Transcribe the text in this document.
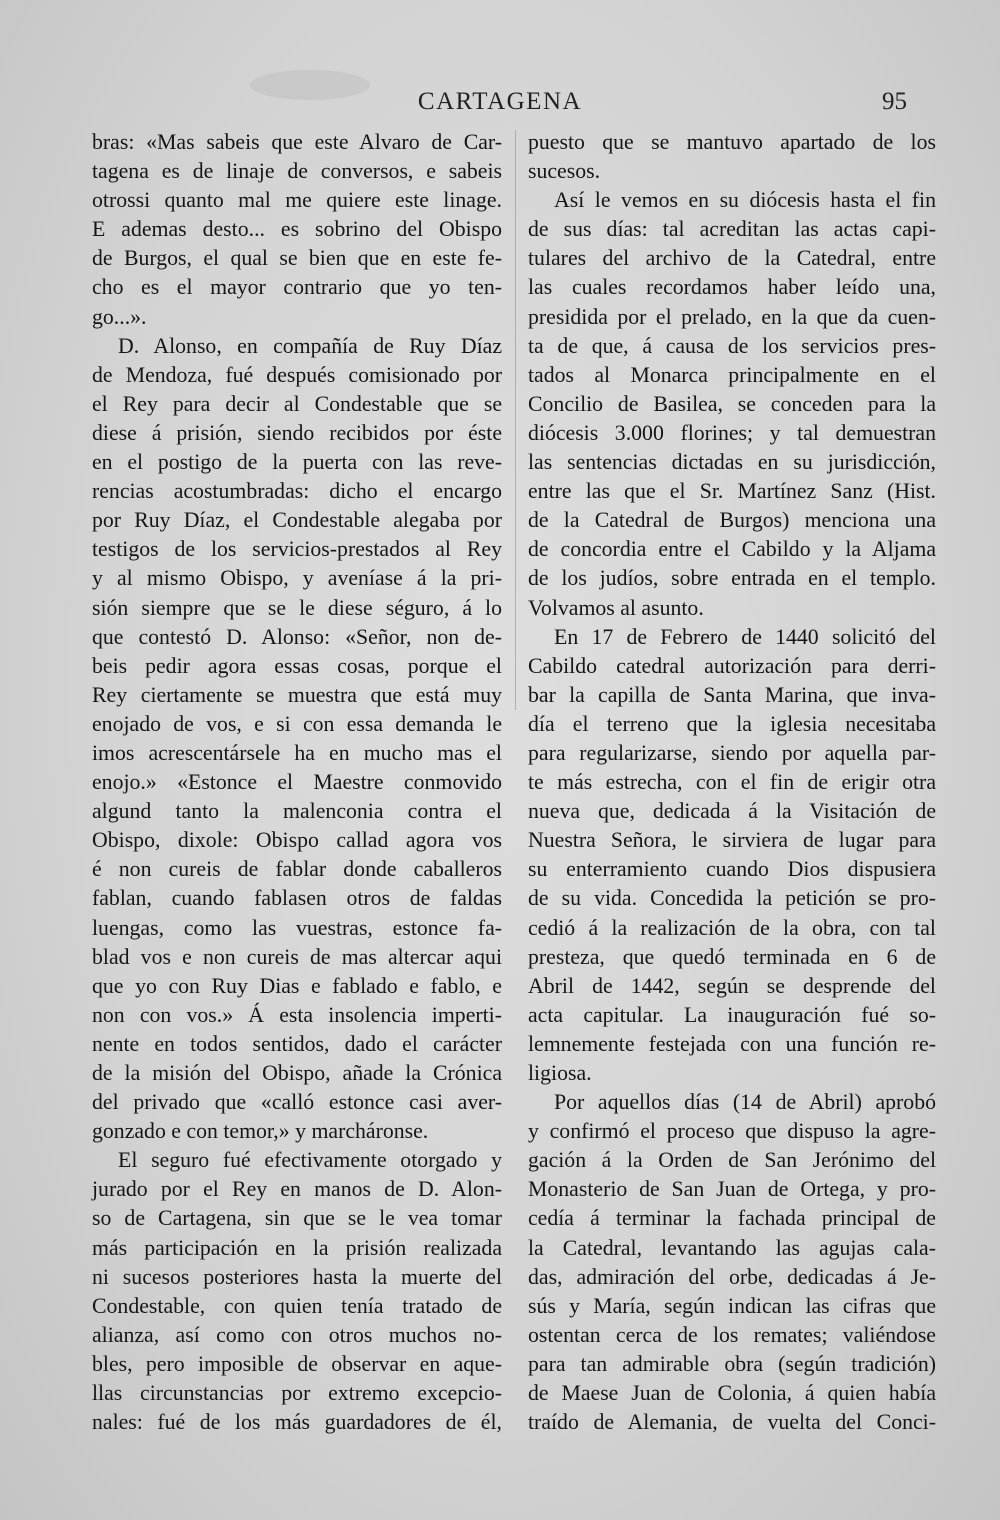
CARTAGENA	95
bras: «Mas sabeis que este Alvaro de Car-
tagena es de linaje de conversos, e sabeis
otrossi quanto mal me quiere este linage.
E ademas desto... es sobrino del Obispo
de Burgos, el qual se bien que en este fe-
cho es el mayor contrario que yo ten-
go...».
D. Alonso, en compañía de Ruy Díaz
de Mendoza, fué después comisionado por
el Rey para decir al Condestable que se
diese á prisión, siendo recibidos por éste
en el postigo de la puerta con las reve-
rencias acostumbradas: dicho el encargo
por Ruy Díaz, el Condestable alegaba por
testigos de los servicios-prestados al Rey
y al mismo Obispo, y aveníase á la pri-
sión siempre que se le diese séguro, á lo
que contestó D. Alonso: «Señor, non de-
beis pedir agora essas cosas, porque el
Rey ciertamente se muestra que está muy
enojado de vos, e si con essa demanda le
imos acrescentársele ha en mucho mas el
enojo.» «Estonce el Maestre conmovido
algund tanto la malenconia contra el
Obispo, dixole: Obispo callad agora vos
é non cureis de fablar donde caballeros
fablan, cuando fablasen otros de faldas
luengas, como las vuestras, estonce fa-
blad vos e non cureis de mas altercar aqui
que yo con Ruy Dias e fablado e fablo, e
non con vos.» Á esta insolencia imperti-
nente en todos sentidos, dado el carácter
de la misión del Obispo, añade la Crónica
del privado que «calló estonce casi aver-
gonzado e con temor,» y marcháronse.
El seguro fué efectivamente otorgado y
jurado por el Rey en manos de D. Alon-
so de Cartagena, sin que se le vea tomar
más participación en la prisión realizada
ni sucesos posteriores hasta la muerte del
Condestable, con quien tenía tratado de
alianza, así como con otros muchos no-
bles, pero imposible de observar en aque-
llas circunstancias por extremo excepcio-
nales: fué de los más guardadores de él,
puesto que se mantuvo apartado de los
sucesos.
Así le vemos en su diócesis hasta el fin
de sus días: tal acreditan las actas capi-
tulares del archivo de la Catedral, entre
las cuales recordamos haber leído una,
presidida por el prelado, en la que da cuen-
ta de que, á causa de los servicios pres-
tados al Monarca principalmente en el
Concilio de Basilea, se conceden para la
diócesis 3.000 florines; y tal demuestran
las sentencias dictadas en su jurisdicción,
entre las que el Sr. Martínez Sanz (Hist.
de la Catedral de Burgos) menciona una
de concordia entre el Cabildo y la Aljama
de los judíos, sobre entrada en el templo.
Volvamos al asunto.
En 17 de Febrero de 1440 solicitó del
Cabildo catedral autorización para derri-
bar la capilla de Santa Marina, que inva-
día el terreno que la iglesia necesitaba
para regularizarse, siendo por aquella par-
te más estrecha, con el fin de erigir otra
nueva que, dedicada á la Visitación de
Nuestra Señora, le sirviera de lugar para
su enterramiento cuando Dios dispusiera
de su vida. Concedida la petición se pro-
cedió á la realización de la obra, con tal
presteza, que quedó terminada en 6 de
Abril de 1442, según se desprende del
acta capitular. La inauguración fué so-
lemnemente festejada con una función re-
ligiosa.
Por aquellos días (14 de Abril) aprobó
y confirmó el proceso que dispuso la agre-
gación á la Orden de San Jerónimo del
Monasterio de San Juan de Ortega, y pro-
cedía á terminar la fachada principal de
la Catedral, levantando las agujas cala-
das, admiración del orbe, dedicadas á Je-
sús y María, según indican las cifras que
ostentan cerca de los remates; valiéndose
para tan admirable obra (según tradición)
de Maese Juan de Colonia, á quien había
traído de Alemania, de vuelta del Conci-
